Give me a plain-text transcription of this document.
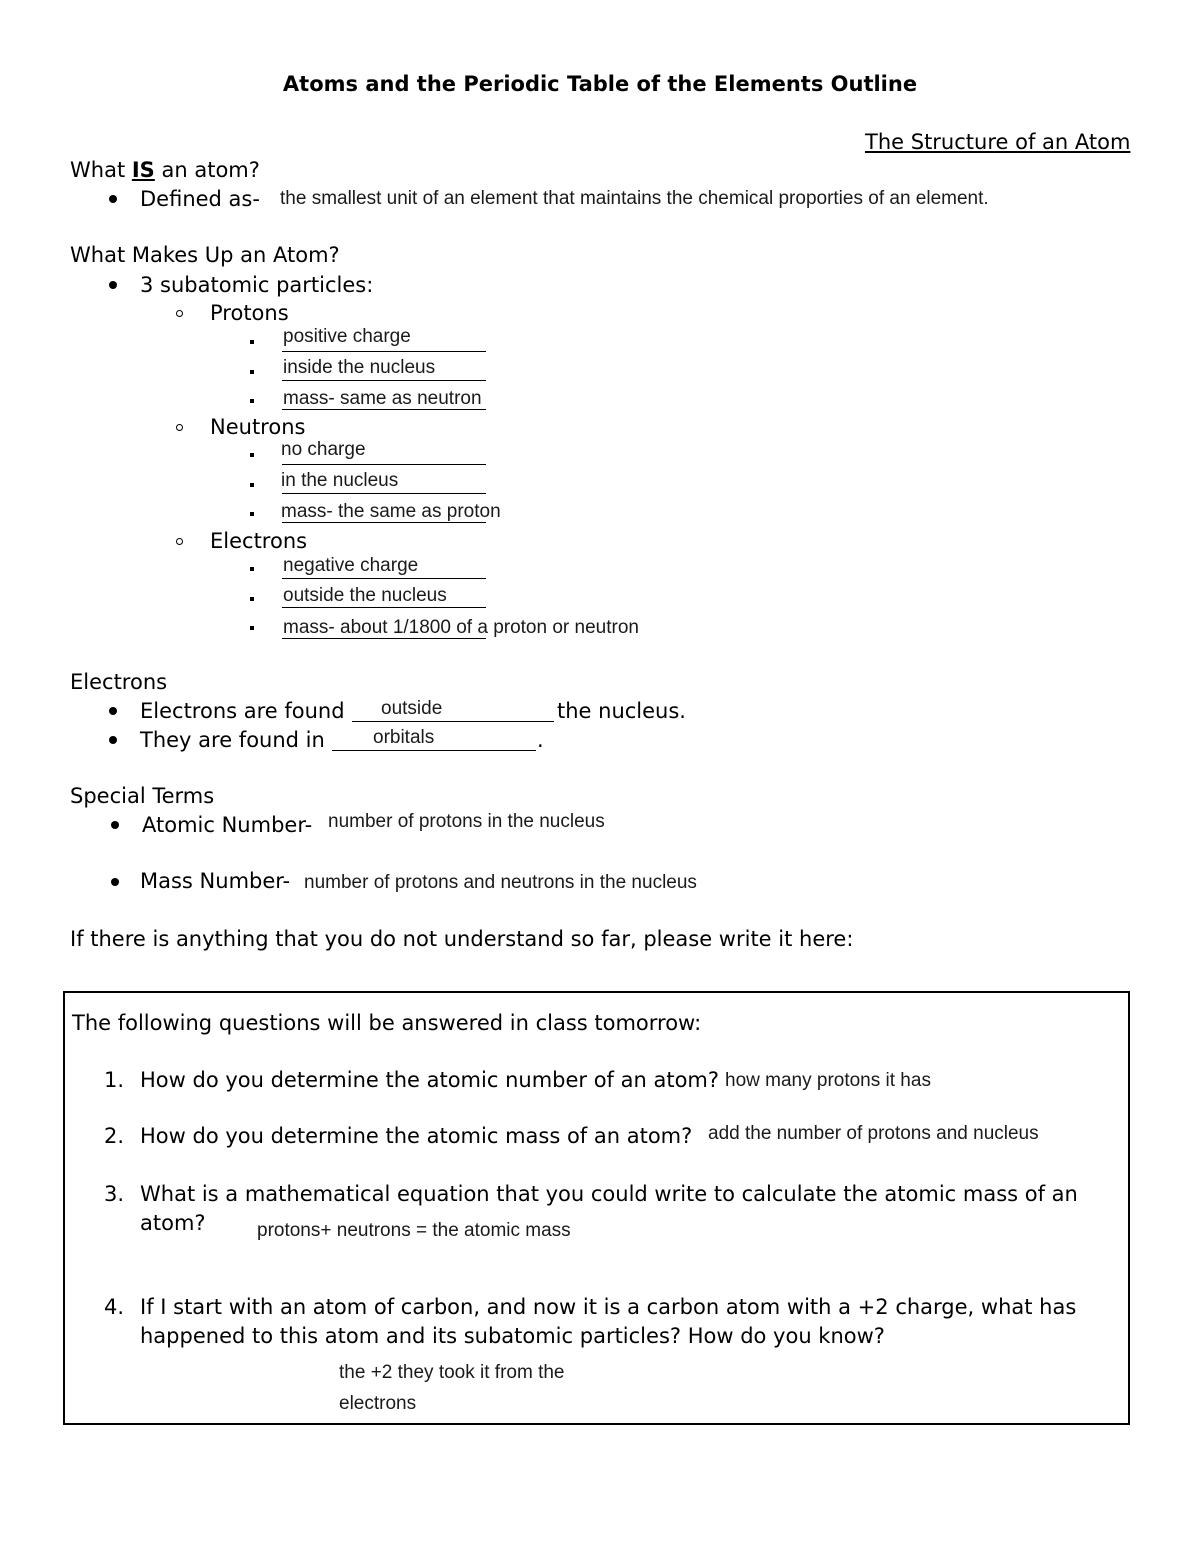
Atoms and the Periodic Table of the Elements Outline
The Structure of an Atom
What IS an atom?
Defined as- the smallest unit of an element that maintains the chemical proporties of an element.
What Makes Up an Atom?
3 subatomic particles:
Protons
positive charge
inside the nucleus
mass- same as neutron
Neutrons
no charge
in the nucleus
mass- the same as proton
Electrons
negative charge
outside the nucleus
mass- about 1/1800 of a proton or neutron
Electrons
Electrons are found outside	the nucleus.
They are found in	orbitals	.
Special Terms
Atomic Number- number of protons in the nucleus
Mass Number- number of protons and neutrons in the nucleus
If there is anything that you do not understand so far, please write it here:
The following questions will be answered in class tomorrow:
1. How do you determine the atomic number of an atom? how many protons it has
2. How do you determine the atomic mass of an atom? add the number of protons and nucleus
3. What is a mathematical equation that you could write to calculate the atomic mass of an
atom?	protons+ neutrons = the atomic mass
4. If I start with an atom of carbon, and now it is a carbon atom with a +2 charge, what has
happened to this atom and its subatomic particles? How do you know?
the +2 they took it from the
electrons
